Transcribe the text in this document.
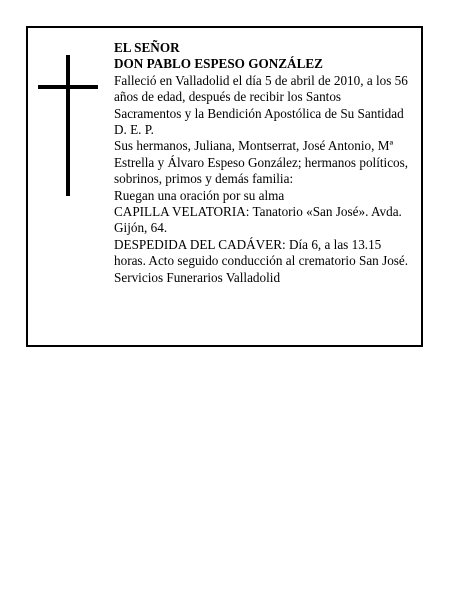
EL SEÑOR
DON PABLO ESPESO GONZÁLEZ
Falleció en Valladolid el día 5 de abril de 2010, a los 56
años de edad, después de recibir los Santos
Sacramentos y la Bendición Apostólica de Su Santidad
D. E. P.
Sus hermanos, Juliana, Montserrat, José Antonio, Mª
Estrella y Álvaro Espeso González; hermanos políticos,
sobrinos, primos y demás familia:
Ruegan una oración por su alma
CAPILLA VELATORIA: Tanatorio «San José». Avda.
Gijón, 64.
DESPEDIDA DEL CADÁVER: Día 6, a las 13.15
horas. Acto seguido conducción al crematorio San José.
Servicios Funerarios Valladolid
